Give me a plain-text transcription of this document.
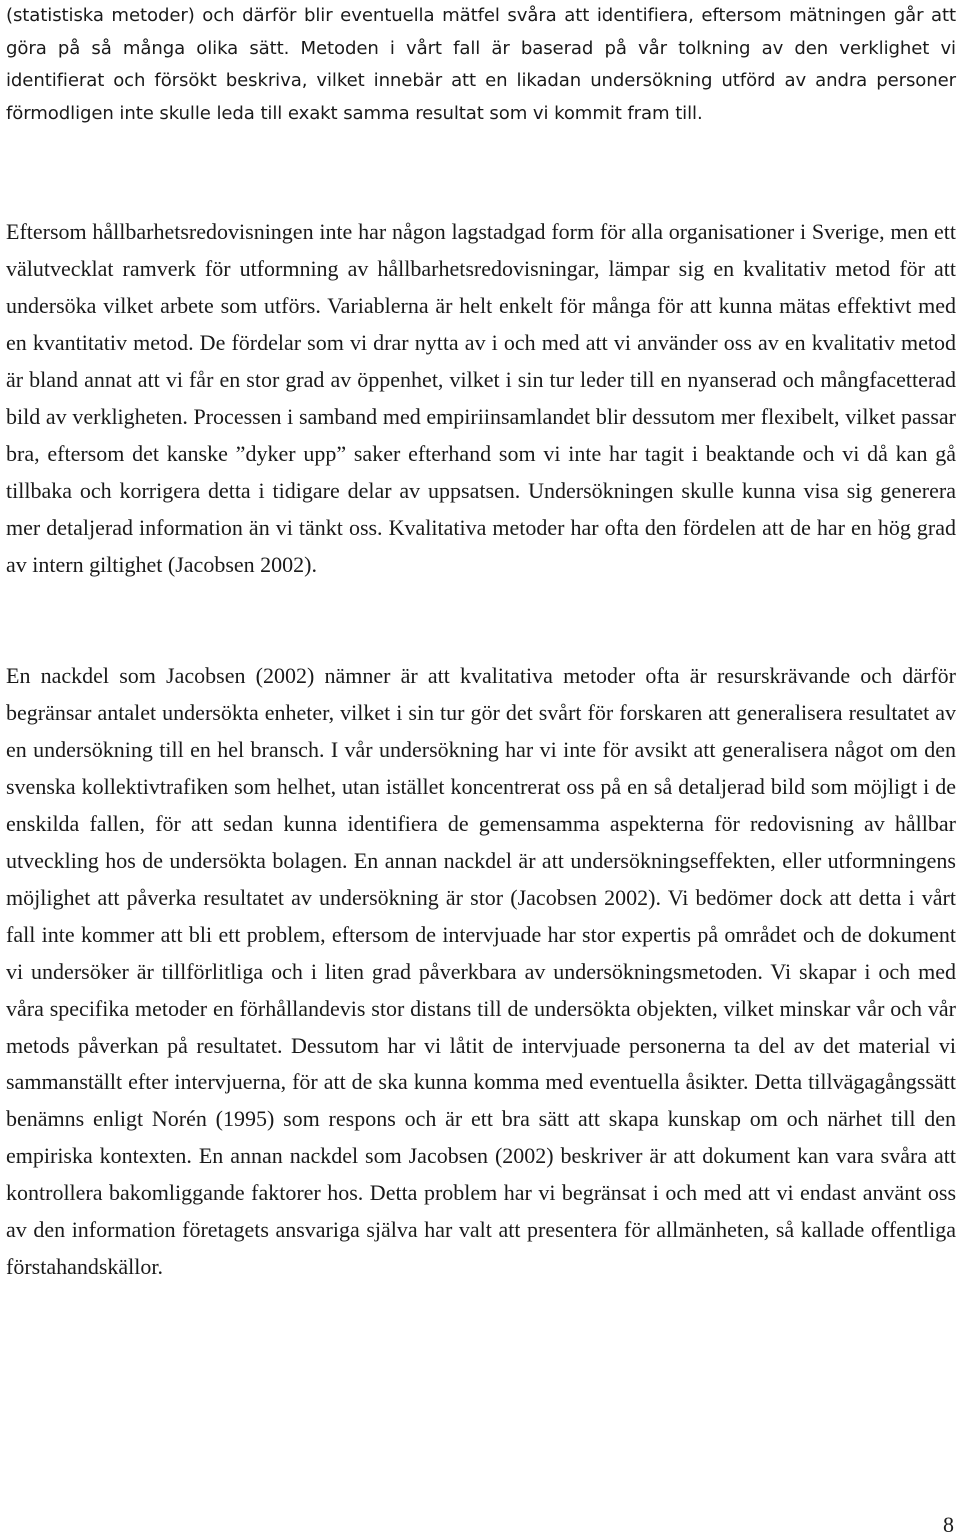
(statistiska metoder) och därför blir eventuella mätfel svåra att identifiera, eftersom mätningen går att göra på så många olika sätt. Metoden i vårt fall är baserad på vår tolkning av den verklighet vi identifierat och försökt beskriva, vilket innebär att en likadan undersökning utförd av andra personer förmodligen inte skulle leda till exakt samma resultat som vi kommit fram till.

Eftersom hållbarhetsredovisningen inte har någon lagstadgad form för alla organisationer i Sverige, men ett välutvecklat ramverk för utformning av hållbarhetsredovisningar, lämpar sig en kvalitativ metod för att undersöka vilket arbete som utförs. Variablerna är helt enkelt för många för att kunna mätas effektivt med en kvantitativ metod. De fördelar som vi drar nytta av i och med att vi använder oss av en kvalitativ metod är bland annat att vi får en stor grad av öppenhet, vilket i sin tur leder till en nyanserad och mångfacetterad bild av verkligheten. Processen i samband med empiriinsamlandet blir dessutom mer flexibelt, vilket passar bra, eftersom det kanske ”dyker upp” saker efterhand som vi inte har tagit i beaktande och vi då kan gå tillbaka och korrigera detta i tidigare delar av uppsatsen. Undersökningen skulle kunna visa sig generera mer detaljerad information än vi tänkt oss. Kvalitativa metoder har ofta den fördelen att de har en hög grad av intern giltighet (Jacobsen 2002).

En nackdel som Jacobsen (2002) nämner är att kvalitativa metoder ofta är resurskrävande och därför begränsar antalet undersökta enheter, vilket i sin tur gör det svårt för forskaren att generalisera resultatet av en undersökning till en hel bransch. I vår undersökning har vi inte för avsikt att generalisera något om den svenska kollektivtrafiken som helhet, utan istället koncentrerat oss på en så detaljerad bild som möjligt i de enskilda fallen, för att sedan kunna identifiera de gemensamma aspekterna för redovisning av hållbar utveckling hos de undersökta bolagen. En annan nackdel är att undersökningseffekten, eller utformningens möjlighet att påverka resultatet av undersökning är stor (Jacobsen 2002). Vi bedömer dock att detta i vårt fall inte kommer att bli ett problem, eftersom de intervjuade har stor expertis på området och de dokument vi undersöker är tillförlitliga och i liten grad påverkbara av undersökningsmetoden. Vi skapar i och med våra specifika metoder en förhållandevis stor distans till de undersökta objekten, vilket minskar vår och vår metods påverkan på resultatet. Dessutom har vi låtit de intervjuade personerna ta del av det material vi sammanställt efter intervjuerna, för att de ska kunna komma med eventuella åsikter. Detta tillvägagångssätt benämns enligt Norén (1995) som respons och är ett bra sätt att skapa kunskap om och närhet till den empiriska kontexten. En annan nackdel som Jacobsen (2002) beskriver är att dokument kan vara svåra att kontrollera bakomliggande faktorer hos. Detta problem har vi begränsat i och med att vi endast använt oss av den information företagets ansvariga själva har valt att presentera för allmänheten, så kallade offentliga förstahandskällor.

8
